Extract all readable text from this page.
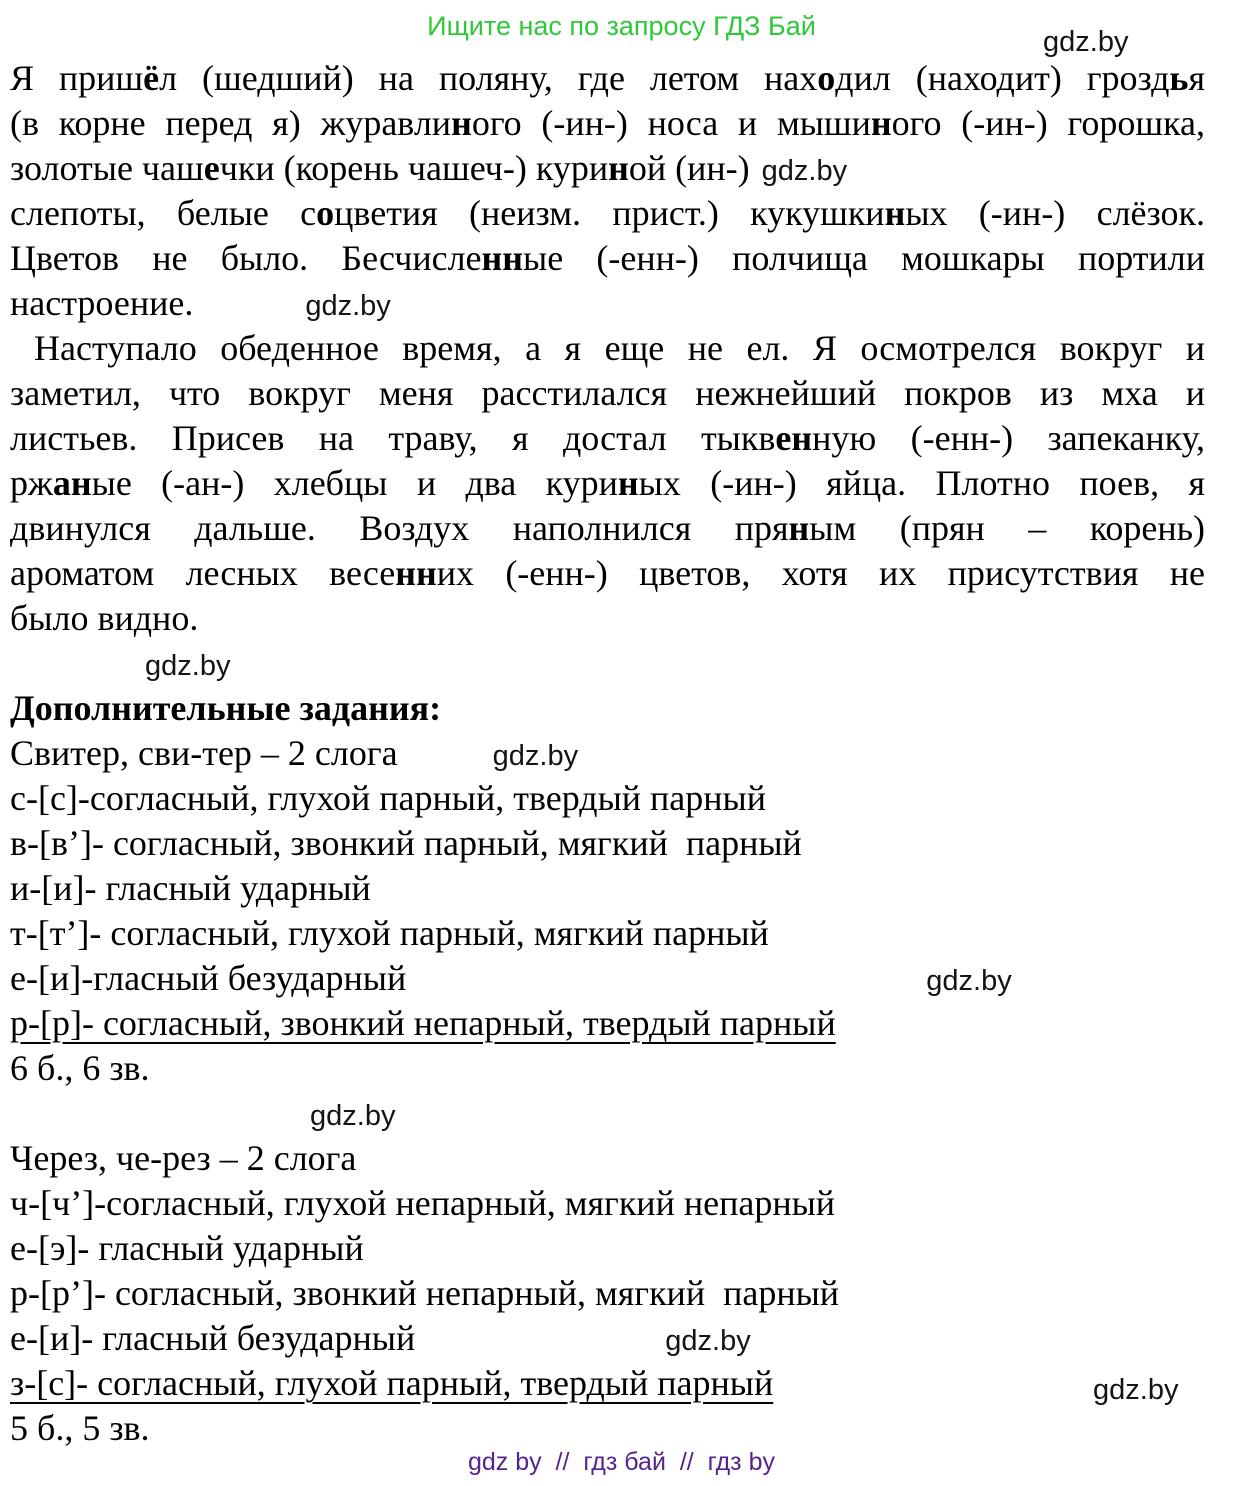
Ищите нас по запросу ГДЗ Бай	gdz.by
Я пришёл (шедший) на поляну, где летом находил (находит) гроздья
(в корне перед я) журавлиного (-ин-) носа и мышиного (-ин-) горошка,
золотые чашечки (корень чашеч-) куриной (ин-) gdz.by
слепоты, белые соцветия (неизм. прист.) кукушкиных (-ин-) слёзок.
Цветов не было. Бесчисленные (-енн-) полчища мошкары портили
настроение.	gdz.by
Наступало обеденное время, а я еще не ел. Я осмотрелся вокруг и
заметил, что вокруг меня расстилался нежнейший покров из мха и
листьев. Присев на траву, я достал тыквенную (-енн-) запеканку,
ржаные (-ан-) хлебцы и два куриных (-ин-) яйца. Плотно поев, я
двинулся дальше. Воздух наполнился пряным (прян – корень)
ароматом лесных весенних (-енн-) цветов, хотя их присутствия не
было видно.
gdz.by
Дополнительные задания:
Свитер, сви-тер – 2 слога	gdz.by
с-[с]-согласный, глухой парный, твердый парный
в-[в’]- согласный, звонкий парный, мягкий  парный
и-[и]- гласный ударный
т-[т’]- согласный, глухой парный, мягкий парный
е-[и]-гласный безударный	gdz.by
р-[р]- согласный, звонкий непарный, твердый парный
6 б., 6 зв.
gdz.by
Через, че-рез – 2 слога
ч-[ч’]-согласный, глухой непарный, мягкий непарный
е-[э]- гласный ударный
р-[р’]- согласный, звонкий непарный, мягкий  парный
е-[и]- гласный безударный	gdz.by
з-[с]- согласный, глухой парный, твердый парный
5 б., 5 зв.
gdz.by
gdz by  //  гдз бай  //  гдз by
